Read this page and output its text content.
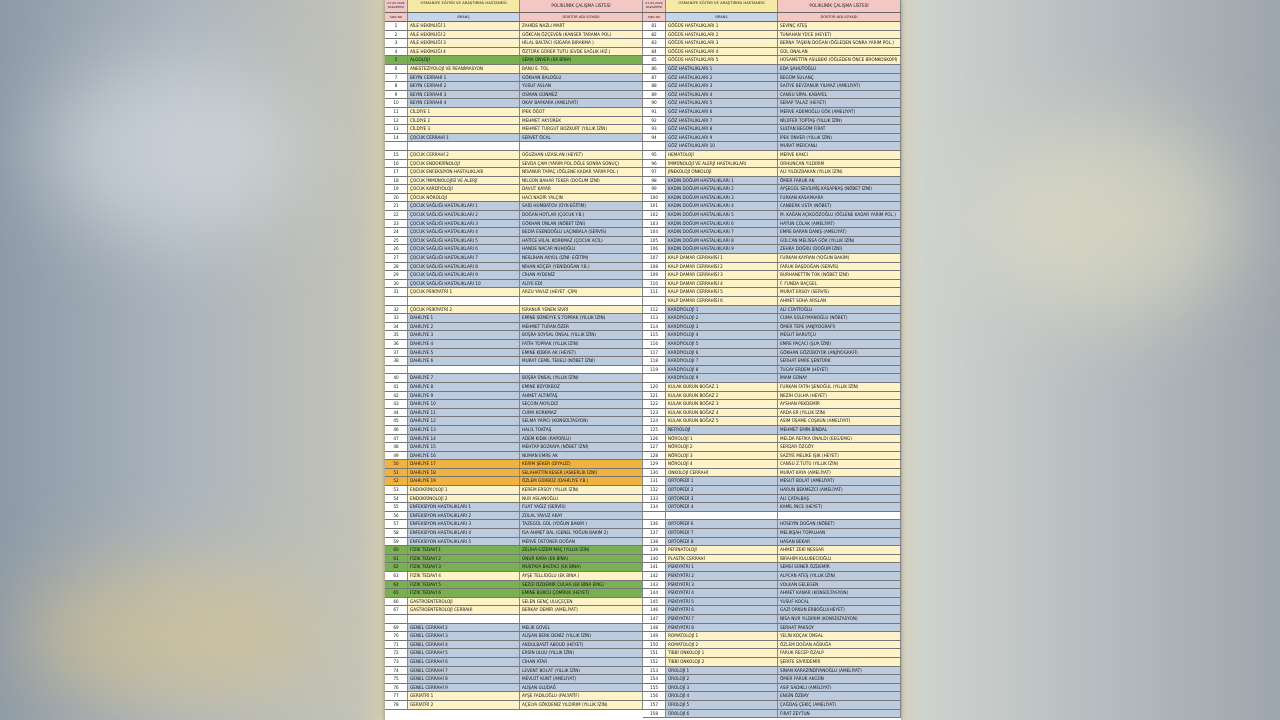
07.05.2026 PAZARTESİ
OSMANİYE EĞİTİM VE ARAŞTIRMA HASTANESİ
POLİKLİNİK ÇALIŞMA LİSTESİ
SIRA NO	BRANŞ	DOKTOR ADI-SOYADI
1	AİLE HEKİMLİĞİ 1	ZAHİDE NAZLI MART
2	AİLE HEKİMLİĞİ 2	GÖKCAN ÖZÇEVEN (KANSER TARAMA POL)
3	AİLE HEKİMLİĞİ 3	HİLAL BALTACI (SİGARA BIRAKMA )
4	AİLE HEKİMLİĞİ 4	ÖZTÜRK GÜRER TUTU (EVDE SAĞLIK HİZ.)
5	ALGOLOJİ	SEMA ÜNVER (EK BİNA)
6	ANESTEZİYOLOJİ VE REANİMASYON	BANU E. TOL
7	BEYİN CERRAHİ 1	GÖKHAN BALOĞLU
8	BEYİN CERRAHİ 2	YUSUF ASLAN
9	BEYİN CERRAHİ 3	OSMAN GÜNMEZ
10	BEYİN CERRAHİ 4	OKAY BAYKARA (AMELİYAT)
11	CİLDİYE 1	İPEK ÖĞÜT
12	CİLDİYE 2	MEHMET AKYÜREK
13	CİLDİYE 3	MEHMET TURGUT BOZKURT (YILLIK İZİN)
14	ÇOCUK CERRAHİ 1	SERVET ÖCAL
15	ÇOCUK CERRAHİ 2	OĞUZHAN UZASLAN (HEYET)
16	ÇOCUK ENDOKRİNOLOJİ	SEVDA ÇAM (YARIM POL.ÖĞLE SONRA SONUÇ)
17	ÇOCUK ENFEKSİYON HASTALIKLARI	NİSANUR TAPAÇ (ÖĞLENE KADAR YARIM POL.)
18	ÇOCUK İMMÜNOLOJİSİ VE ALERJİ	NİLGÜN BAHAR TEKER (DOĞUM İZNİ)
19	ÇOCUK KARDİYOLOJİ	DAVUT KAYAR
20	ÇOCUK NÖROLOJİ	HACI NADİR YALÇIN
21	ÇOCUK SAĞLIĞI HASTALIKLARI 1	SAİD HUMBATOV (ÜYK-EĞİTİM)
22	ÇOCUK SAĞLIĞI HASTALIKLARI 2	DOĞAN HOTLAR (ÇOCUK Y.B.)
23	ÇOCUK SAĞLIĞI HASTALIKLARI 3	GÖKHAN ÜNLAN (NÖBET İZNİ)
24	ÇOCUK SAĞLIĞI HASTALIKLARI 4	BEDİA ESENDOĞLU LAÇINBALA (SERVİS)
25	ÇOCUK SAĞLIĞI HASTALIKLARI 5	HATİCE HİLAL KORKMAZ (ÇOCUK ACİL)
26	ÇOCUK SAĞLIĞI HASTALIKLARI 6	HANDE NACAR NUHOĞLU
27	ÇOCUK SAĞLIĞI HASTALIKLARI 7	NESLİHAN AKYOL (İZNİ- EĞİTİM)
28	ÇOCUK SAĞLIĞI HASTALIKLARI 8	NİHAN KOÇER (YENİDOĞAN Y.B.)
29	ÇOCUK SAĞLIĞI HASTALIKLARI 9	CİHAN AYDENİZ
30	ÇOCUK SAĞLIĞI HASTALIKLARI 10	ALİYE EDİ
31	ÇOCUK PSİKİYATRİ 1	ARZU YAVUZ (HEYET -ÇİM)
32	ÇOCUK PSİKİYATRİ 2	İSRANUR YENEN SİVRİ
33	DAHİLİYE 1	EMİNE SÜMEYYE S.TOPRAK (YILLIK İZİN)
34	DAHİLİYE 2	MEHMET TURAN ÖZER
35	DAHİLİYE 3	BÜŞRA SOYSAL ÜNSAL (YILLIK İZİN)
36	DAHİLİYE 4	FATİH TOPRAK (YILLIK İZİN)
37	DAHİLİYE 5	EMİNE KÜBRA AK (HEYET)
38	DAHİLİYE 6	MURAT CEMİL TEKELİ (NÖBET İZNİ)
40	DAHİLİYE 7	BÜŞRA ÜNSAL (YILLIK İZİN)
41	DAHİLİYE 8	EMİNE BÜYÜKBOZ
42	DAHİLİYE 9	AHMET ALTINTAŞ
43	DAHİLİYE 10	SEÇGİN AKYILDIZ
44	DAHİLİYE 11	CUMA KORKMAZ
45	DAHİLİYE 12	SELMA YAPICI (KONSÜLTASYON)
46	DAHİLİYE 13	HALİL TOKTAŞ
47	DAHİLİYE 14	ADEM KIDIK (RAPORLU)
48	DAHİLİYE 15	MEHTAP BOZKAYA (NÖBET İZNİ)
49	DAHİLİYE 16	NUMAN EMRE AK
50	DAHİLİYE 17	KERİM ŞEKER (DİYALİZ)
51	DAHİLİYE 18	SELAHATTİN KESER (ASKERLİK İZNİ)
52	DAHİLİYE 19	ÖZLEM GÜRBÜZ (DAHİLİYE Y.B.)
53	ENDOKRİNOLOJİ 1	KEREM ERSOY (YILLIK İZİN)
54	ENDOKRİNOLOJİ 2	NUR ASLANOĞLU
55	ENFEKSİYON HASTALIKLARI 1	FUAT YAĞIZ (SERVİS)
56	ENFEKSİYON HASTALIKLARI 2	ZÜLAL YAVUZ AKAY
57	ENFEKSİYON HASTALIKLARI 3	TAZEGÜL GÜL (YOĞUN BAKIM )
58	ENFEKSİYON HASTALIKLARI 4	İSA AHMET BAL (GENEL YOĞUN BAKIM 2)
59	ENFEKSİYON HASTALIKLARI 5	MERVE ÜSTÜNER DOĞAN
60	FİZİK TEDAVİ 1	ZELİHA GİZEM MAÇ (YILLIK İZİN)
61	FİZİK TEDAVİ 2	ONUR KARA (EK BİNA)
62	FİZİK TEDAVİ 3	MUSTAFA BALTACI (EK BİNA)
63	FİZİK TEDAVİ 4	AYŞE TELLİOĞLU (EK BİNA )
64	FİZİK TEDAVİ 5	SEZGİ ÖZDEMİR CULHA (EK BİNA EMG)
65	FİZİK TEDAVİ 6	EMİNE BURCU ÇOMRUK (HEYET)
66	GASTROENTEROLOJİ	SELEN GENÇ ULUÇEÇEN
67	GASTROENTEROLOJİ CERRAHİ	BERKAY DEMİR (AMELİYAT)
69	GENEL CERRAHİ 2	MELİK GÜVEL
70	GENEL CERRAHİ 3	ALİŞAN BERK DENİZ (YILLIK İZİN)
71	GENEL CERRAHİ 4	ABDULBASİT ABOUD (HEYET)
72	GENEL CERRAHİ 5	ERSİN ULUU (YILLIK İZİN)
73	GENEL CERRAHİ 6	CİHAN ATAR
74	GENEL CERRAHİ 7	LEVENT BOLAT (YILLIK İZİN)
75	GENEL CERRAHİ 8	MEVLÜT KUNT (AMELİYAT)
76	GENEL CERRAHİ 9	ALİŞAN ULUDAĞ
77	GERİATRİ 1	AYŞE FADILOĞLU (PALYATİF)
78	GERİATRİ 2	AÇELYA GÖKDENİZ YILDIRIM (YILLIK İZİN)
07.05.2026 PAZARTESİ
OSMANİYE EĞİTİM VE ARAŞTIRMA HASTANESİ
POLİKLİNİK ÇALIŞMA LİSTESİ
SIRA NO	BRANŞ	DOKTOR ADI-SOYADI
81	GÖĞÜS HASTALIKLARI 1	SEVİNÇ ATEŞ
82	GÖĞÜS HASTALIKLARI 2	TUNAHAN YÜCE (HEYET)
83	GÖĞÜS HASTALIKLARI 3	BERNA TAŞKIN DOĞAN (ÖĞLEDEN SONRA YARIM POL.)
84	GÖĞÜS HASTALIKLARI 4	GÜL ONALAN
85	GÖĞÜS HASTALIKLARI 5	HÜSAMETTİN ASILBEKİ (ÖĞLEDEN ÖNCE BRONKOSKOPİ)
86	GÖZ HASTALIKLARI 1	EDA ŞAHUTOĞLU
87	GÖZ HASTALIKLARI 2	BEGÜM SULANÇ
88	GÖZ HASTALIKLARI 3	SAFİYE BEYZANUR YILMAZ (AMELİYAT)
89	GÖZ HASTALIKLARI 4	CANSU SİPAL KABAYEL
90	GÖZ HASTALIKLARI 5	SERAP TALAZ (HEYET)
91	GÖZ HASTALIKLARI 6	MERVE ADEMOĞLU GÖK (AMELİYAT)
92	GÖZ HASTALIKLARI 7	NİLÜFER TOPTAŞ (YILLIK İZİN)
93	GÖZ HASTALIKLARI 8	SULTAN BEGÜM FIRAT
94	GÖZ HASTALIKLARI 9	İPEK ÜNVER (YILLIK İZİN)
GÖZ HASTALIKLARI 10	MURAT MERCANLI
95	HEMATOLOJİ	MERVE KAKCI
96	İMMÜNOLOJİ VE ALERJİ HASTALIKLARI	ORHUNCAN YILDIRIM
97	JİNEKOLOJİ ONKOLOJİ	ALİ YILDIZBAKAN (YILLIK İZİN)
98	KADIN DOĞUM HASTALIKLARI 1	ÖMER FARUK AK
99	KADIN DOĞUM HASTALIKLARI 2	AYŞEGÜL SEVİLMİŞ KASAPBAŞ (NÖBET İZNİ)
100	KADIN DOĞUM HASTALIKLARI 3	FURKAN KASAPKARA
101	KADIN DOĞUM HASTALIKLARI 4	CANBERK USTA (NÖBET)
102	KADIN DOĞUM HASTALIKLARI 5	M. KAĞAN AÇIKGÖZOĞLU (ÖĞLENE KADAR YARIM POL.)
103	KADIN DOĞUM HASTALIKLARI 6	HATUN ÇOLAK (AMELİYAT)
104	KADIN DOĞUM HASTALIKLARI 7	EMRE BARAN DANIŞ (AMELİYAT)
105	KADIN DOĞUM HASTALIKLARI 8	GÜLCAN MELİSSA GÖK (YILLIK İZİN)
106	KADIN DOĞUM HASTALIKLARI 9	ZEHRA DOĞRU (DOĞUM İZNİ)
107	KALP DAMAR CERRAHİSİ 1	FURKAN KAYRAN (YOĞUN BAKIM)
108	KALP DAMAR CERRAHİSİ 2	FARUK BAŞDOĞAN (SERVİS)
109	KALP DAMAR CERRAHİSİ 3	BURHANETTİN TOK (NÖBET İZNİ)
110	KALP DAMAR CERRAHİSİ 4	F. FUNDA BAÇGEL
111	KALP DAMAR CERRAHİSİ 5	MURAT ERSOY (SERVİS)
KALP DAMAR CERRAHİSİ 6	AHMET SÜHA ARSLAN
112	KARDİYOLOJİ 1	ALİ CÜVİTOĞLU
113	KARDİYOLOJİ 2	CUMA SÜLEYMANOĞLU (NÖBET)
114	KARDİYOLOJİ 3	ÖMER TEPE (ANJİYOGRAFİ)
115	KARDİYOLOJİ 4	MESUT BARUTÇU
116	KARDİYOLOJİ 5	EMRE PAÇACI (ŞUA İZNİ)
117	KARDİYOLOJİ 6	GÖKHAN GÖZÜBÜYÜK (ANJİYOGRAFİ)
118	KARDİYOLOJİ 7	SERHAT EMRE ŞENTÜRK
119	KARDİYOLOJİ 8	TUGAY ERDEM (HEYET)
KARDİYOLOJİ 9	İMAM GÜNAY
120	KULAK BURUN BOĞAZ 1	FURKAN FATİH ŞENOĞUL (YILLIK İZİN)
121	KULAK BURUN BOĞAZ 2	NEZİH CULHA (HEYET)
122	KULAK BURUN BOĞAZ 3	AYSHAN PEKDEMİR
123	KULAK BURUN BOĞAZ 4	ARDA ER (YILLIK İZİN)
124	KULAK BURUN BOĞAZ 5	ASIM ÜSAME COŞKUN (AMELİYAT)
125	NEFROLOJİ	MEHMET EMİN BİNDAL
126	NÖROLOJİ 1	MELDA REFİKA ÜNALDI (EEG/EMG)
127	NÖROLOJİ 2	SERDAR ÖZGÖY
128	NÖROLOJİ 3	SAZİYE MELİKE IŞIK (HEYET)
129	NÖROLOJİ 4	CANSU Z.TUTU (YILLIK İZİN)
130	ONKOLOJİ CERRAHİ	MURAT KAYA (AMELİYAT)
131	ORTOPEDİ 1	MESUT BOLAT (AMELİYAT)
132	ORTOPEDİ 2	HARUN BEKMEZCİ (AMELİYAT)
133	ORTOPEDİ 3	ALİ ÇATALBAŞ
134	ORTOPEDİ 4	KAMİL İNCE (HEYET)
136	ORTOPEDİ 6	HÜSEYİN DOĞAN (NÖBET)
137	ORTOPEDİ 7	MELİKŞAH TOPALHAN
138	ORTOPEDİ 8	HASAN BEKAR
139	PERİNATOLOJİ	AHMET ZEKİ NESSAR
140	PLASTİK CERRAHİ	İBRAHİM KULUBECİOĞLU
141	PSİKİYATRİ 1	SEMSİ SÜNER ÖZDEMİR
142	PSİKİYATRİ 2	ALPCAN ATEŞ (YILLIK İZİN)
143	PSİKİYATRİ 3	VOLKAN GELEGEN
144	PSİKİYATRİ 4	AHMET KANAR (KONSÜLTASYON)
145	PSİKİYATRİ 5	YUSUF KOCAL
146	PSİKİYATRİ 6	GAZİ ORKUN ERBOĞLU(HEYET)
147	PSİKİYATRİ 7	NİSA NUR YILDIRIM (KONSÜLTASYON)
148	PSİKİYATRİ 8	SERHAT PAKSOY
149	ROMATOLOJİ 1	YELİN KOÇAK ÜNSAL
150	ROMATOLOJİ 2	ÖZLEM DOĞAN AĞBUĞA
151	TIBBİ ONKOLOJİ 1	FARUK RECEP ÖZALP
152	TIBBİ ONKOLOJİ 2	ŞERİFE SİVRİDEMİR
153	ÜROLOJİ 1	SİNAN KARAZİNDİYANOĞLU (AMELİYAT)
154	ÜROLOJİ 2	ÖMER FARUK AKGÜN
155	ÜROLOJİ 3	ASIF SADIKLI (AMELİYAT)
156	ÜROLOJİ 4	ENGİN ÖZBAY
157	ÜROLOJİ 5	ÇAĞDAŞ ÇEKİÇ (AMELİYAT)
158	ÜROLOJİ 6	FIRAT ZEYTUN
